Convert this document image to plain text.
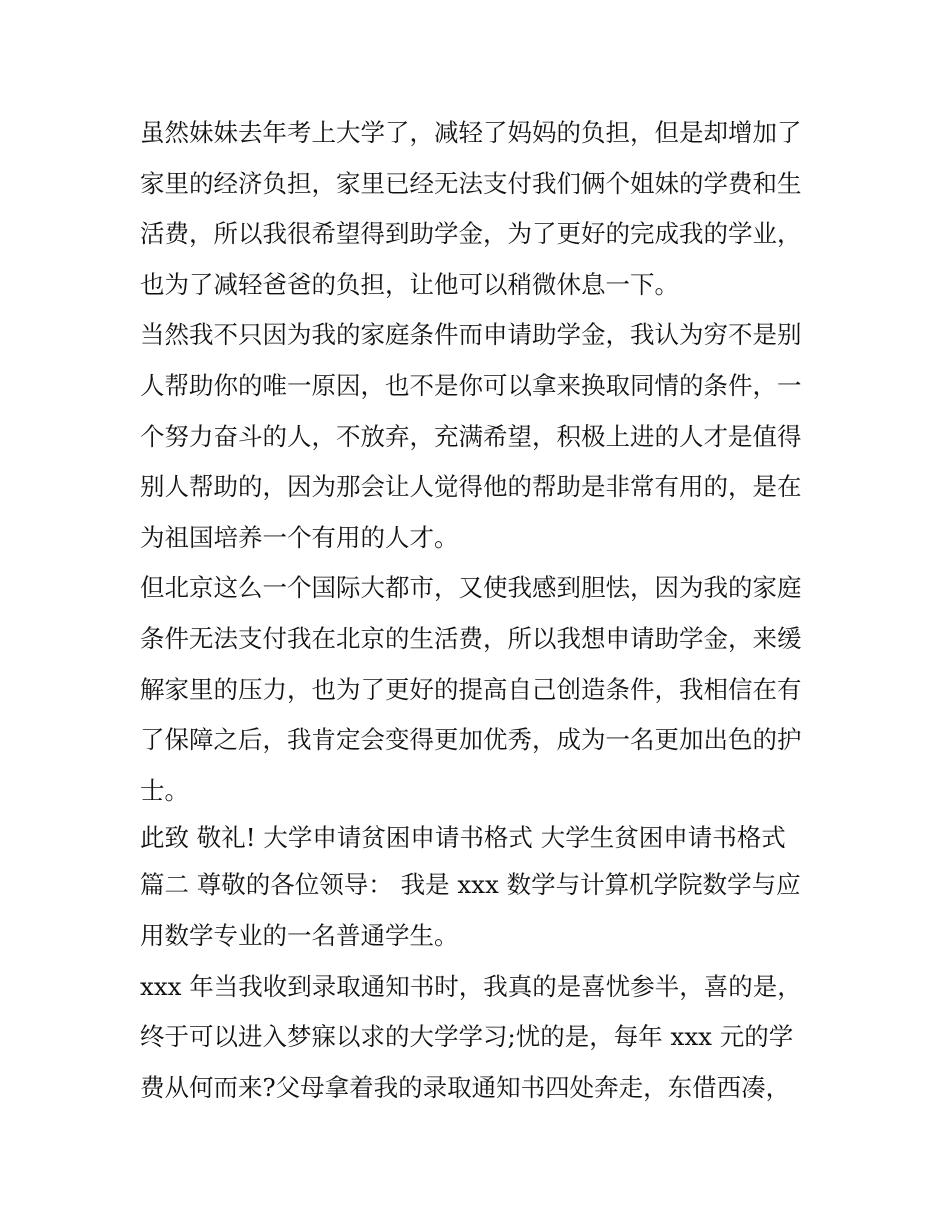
虽然妹妹去年考上大学了，减轻了妈妈的负担，但是却增加了
家里的经济负担，家里已经无法支付我们俩个姐妹的学费和生
活费，所以我很希望得到助学金，为了更好的完成我的学业，
也为了减轻爸爸的负担，让他可以稍微休息一下。
当然我不只因为我的家庭条件而申请助学金，我认为穷不是别
人帮助你的唯一原因，也不是你可以拿来换取同情的条件，一
个努力奋斗的人，不放弃，充满希望，积极上进的人才是值得
别人帮助的，因为那会让人觉得他的帮助是非常有用的，是在
为祖国培养一个有用的人才。
但北京这么一个国际大都市，又使我感到胆怯，因为我的家庭
条件无法支付我在北京的生活费，所以我想申请助学金，来缓
解家里的压力，也为了更好的提高自己创造条件，我相信在有
了保障之后，我肯定会变得更加优秀，成为一名更加出色的护
士。
此致 敬礼! 大学申请贫困申请书格式 大学生贫困申请书格式
篇二 尊敬的各位领导： 我是 xxx 数学与计算机学院数学与应
用数学专业的一名普通学生。
xxx 年当我收到录取通知书时，我真的是喜忧参半，喜的是，
终于可以进入梦寐以求的大学学习;忧的是，每年 xxx 元的学
费从何而来?父母拿着我的录取通知书四处奔走，东借西凑，
